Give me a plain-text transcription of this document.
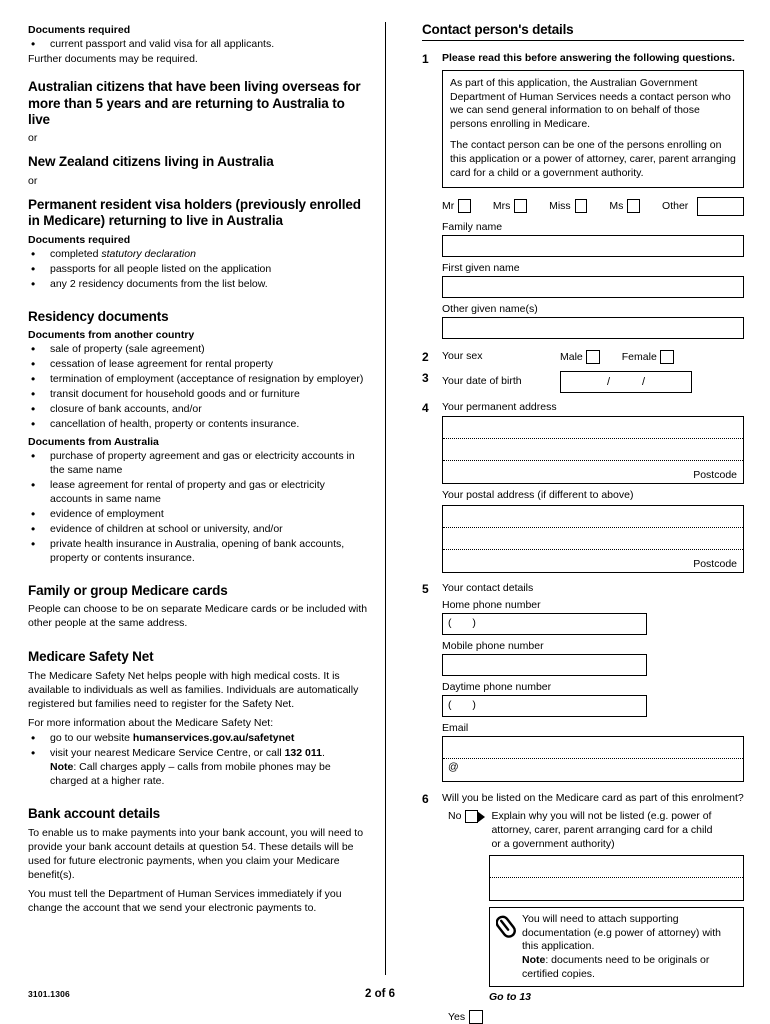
Documents required
• current passport and valid visa for all applicants.
Further documents may be required.
Australian citizens that have been living overseas for more than 5 years and are returning to Australia to live
or
New Zealand citizens living in Australia
or
Permanent resident visa holders (previously enrolled in Medicare) returning to live in Australia
Documents required
• completed statutory declaration
• passports for all people listed on the application
• any 2 residency documents from the list below.
Residency documents
Documents from another country
• sale of property (sale agreement)
• cessation of lease agreement for rental property
• termination of employment (acceptance of resignation by employer)
• transit document for household goods and or furniture
• closure of bank accounts, and/or
• cancellation of health, property or contents insurance.
Documents from Australia
• purchase of property agreement and gas or electricity accounts in the same name
• lease agreement for rental of property and gas or electricity accounts in same name
• evidence of employment
• evidence of children at school or university, and/or
• private health insurance in Australia, opening of bank accounts, property or contents insurance.
Family or group Medicare cards
People can choose to be on separate Medicare cards or be included with other people at the same address.
Medicare Safety Net
The Medicare Safety Net helps people with high medical costs. It is available to individuals as well as families. Individuals are automatically registered but families need to register for the Safety Net.
For more information about the Medicare Safety Net:
• go to our website humanservices.gov.au/safetynet
• visit your nearest Medicare Service Centre, or call 132 011.
Note: Call charges apply – calls from mobile phones may be charged at a higher rate.
Bank account details
To enable us to make payments into your bank account, you will need to provide your bank account details at question 54. These details will be used for future electronic payments, when you claim your Medicare benefit(s).
You must tell the Department of Human Services immediately if you change the account that we send your electronic payments to.
Contact person's details
1 Please read this before answering the following questions.

As part of this application, the Australian Government Department of Human Services needs a contact person who we can send general information to on behalf of those persons enrolling in Medicare.

The contact person can be one of the persons enrolling on this application or a power of attorney, carer, parent arranging card for a child or a government authority.

Mr	Mrs	Miss	Ms	Other
Family name
First given name
Other given name(s)
2 Your sex	Male	Female
3 Your date of birth	/	/
4 Your permanent address
Postcode
Your postal address (if different to above)
Postcode
5 Your contact details
Home phone number
( )
Mobile phone number
Daytime phone number
( )
Email
@
6 Will you be listed on the Medicare card as part of this enrolment?
No	Explain why you will not be listed (e.g. power of attorney, carer, parent arranging card for a child or a government authority)
You will need to attach supporting documentation (e.g power of attorney) with this application.
Note: documents need to be originals or certified copies.
Go to 13
Yes
3101.1306	2 of 6
